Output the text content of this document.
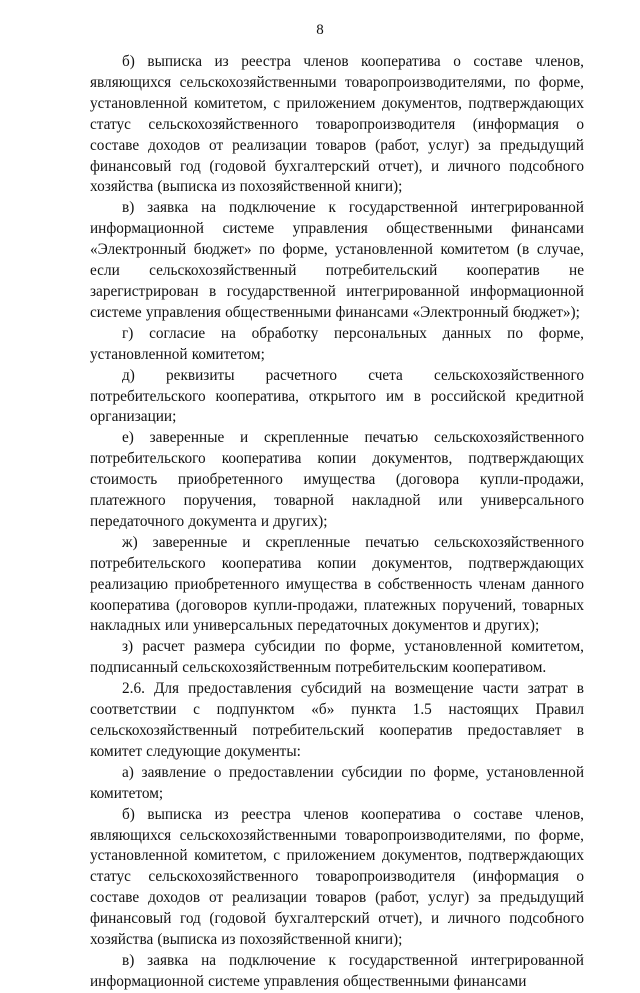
8

б) выписка из реестра членов кооператива о составе членов, являющихся сельскохозяйственными товаропроизводителями, по форме, установленной комитетом, с приложением документов, подтверждающих статус сельскохозяйственного товаропроизводителя (информация о составе доходов от реализации товаров (работ, услуг) за предыдущий финансовый год (годовой бухгалтерский отчет), и личного подсобного хозяйства (выписка из похозяйственной книги);

в) заявка на подключение к государственной интегрированной информационной системе управления общественными финансами «Электронный бюджет» по форме, установленной комитетом (в случае, если сельскохозяйственный потребительский кооператив не зарегистрирован в государственной интегрированной информационной системе управления общественными финансами «Электронный бюджет»);

г) согласие на обработку персональных данных по форме, установленной комитетом;

д) реквизиты расчетного счета сельскохозяйственного потребительского кооператива, открытого им в российской кредитной организации;

е) заверенные и скрепленные печатью сельскохозяйственного потребительского кооператива копии документов, подтверждающих стоимость приобретенного имущества (договора купли-продажи, платежного поручения, товарной накладной или универсального передаточного документа и других);

ж) заверенные и скрепленные печатью сельскохозяйственного потребительского кооператива копии документов, подтверждающих реализацию приобретенного имущества в собственность членам данного кооператива (договоров купли-продажи, платежных поручений, товарных накладных или универсальных передаточных документов и других);

з) расчет размера субсидии по форме, установленной комитетом, подписанный сельскохозяйственным потребительским кооперативом.

2.6. Для предоставления субсидий на возмещение части затрат в соответствии с подпунктом «б» пункта 1.5 настоящих Правил сельскохозяйственный потребительский кооператив предоставляет в комитет следующие документы:

а) заявление о предоставлении субсидии по форме, установленной комитетом;

б) выписка из реестра членов кооператива о составе членов, являющихся сельскохозяйственными товаропроизводителями, по форме, установленной комитетом, с приложением документов, подтверждающих статус сельскохозяйственного товаропроизводителя (информация о составе доходов от реализации товаров (работ, услуг) за предыдущий финансовый год (годовой бухгалтерский отчет), и личного подсобного хозяйства (выписка из похозяйственной книги);

в) заявка на подключение к государственной интегрированной информационной системе управления общественными финансами
